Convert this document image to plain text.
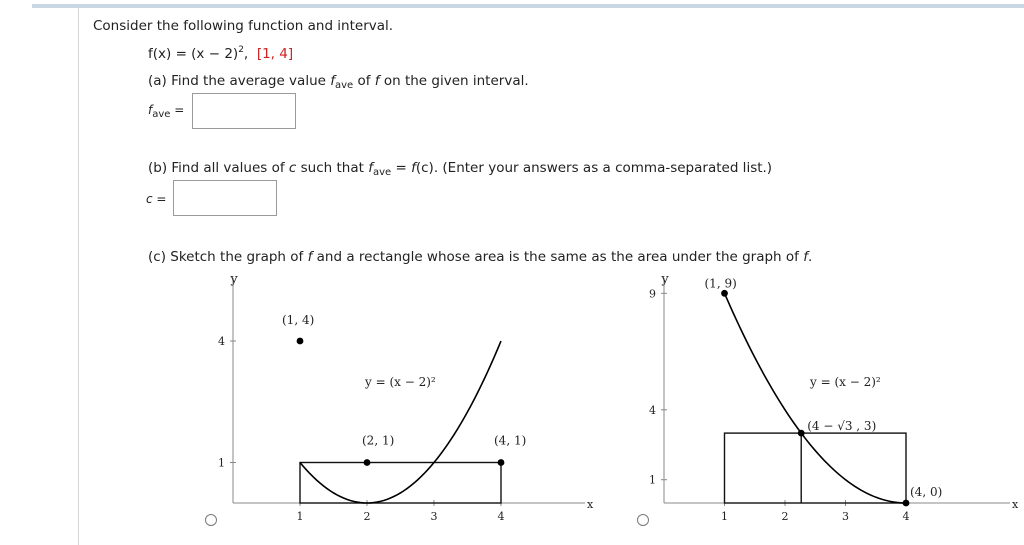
Consider the following function and interval.
$f(x) = (x - 2)^2$, [1, 4]
(a) Find the average value $f_{ave}$ of f on the given interval.
$f_{ave}$ =
(b) Find all values of c such that $f_{ave} = f(c)$. (Enter your answers as a comma-separated list.)
c =
(c) Sketch the graph of f and a rectangle whose area is the same as the area under the graph of f.
y
x
1	2	3	4
1
4
(1, 4)
(2, 1)	(4, 1)
y = (x − 2)²
y
x
1	2	3	4
1
4
9
(1, 9)
(4 − √3 , 3)
(4, 0)
y = (x − 2)²
